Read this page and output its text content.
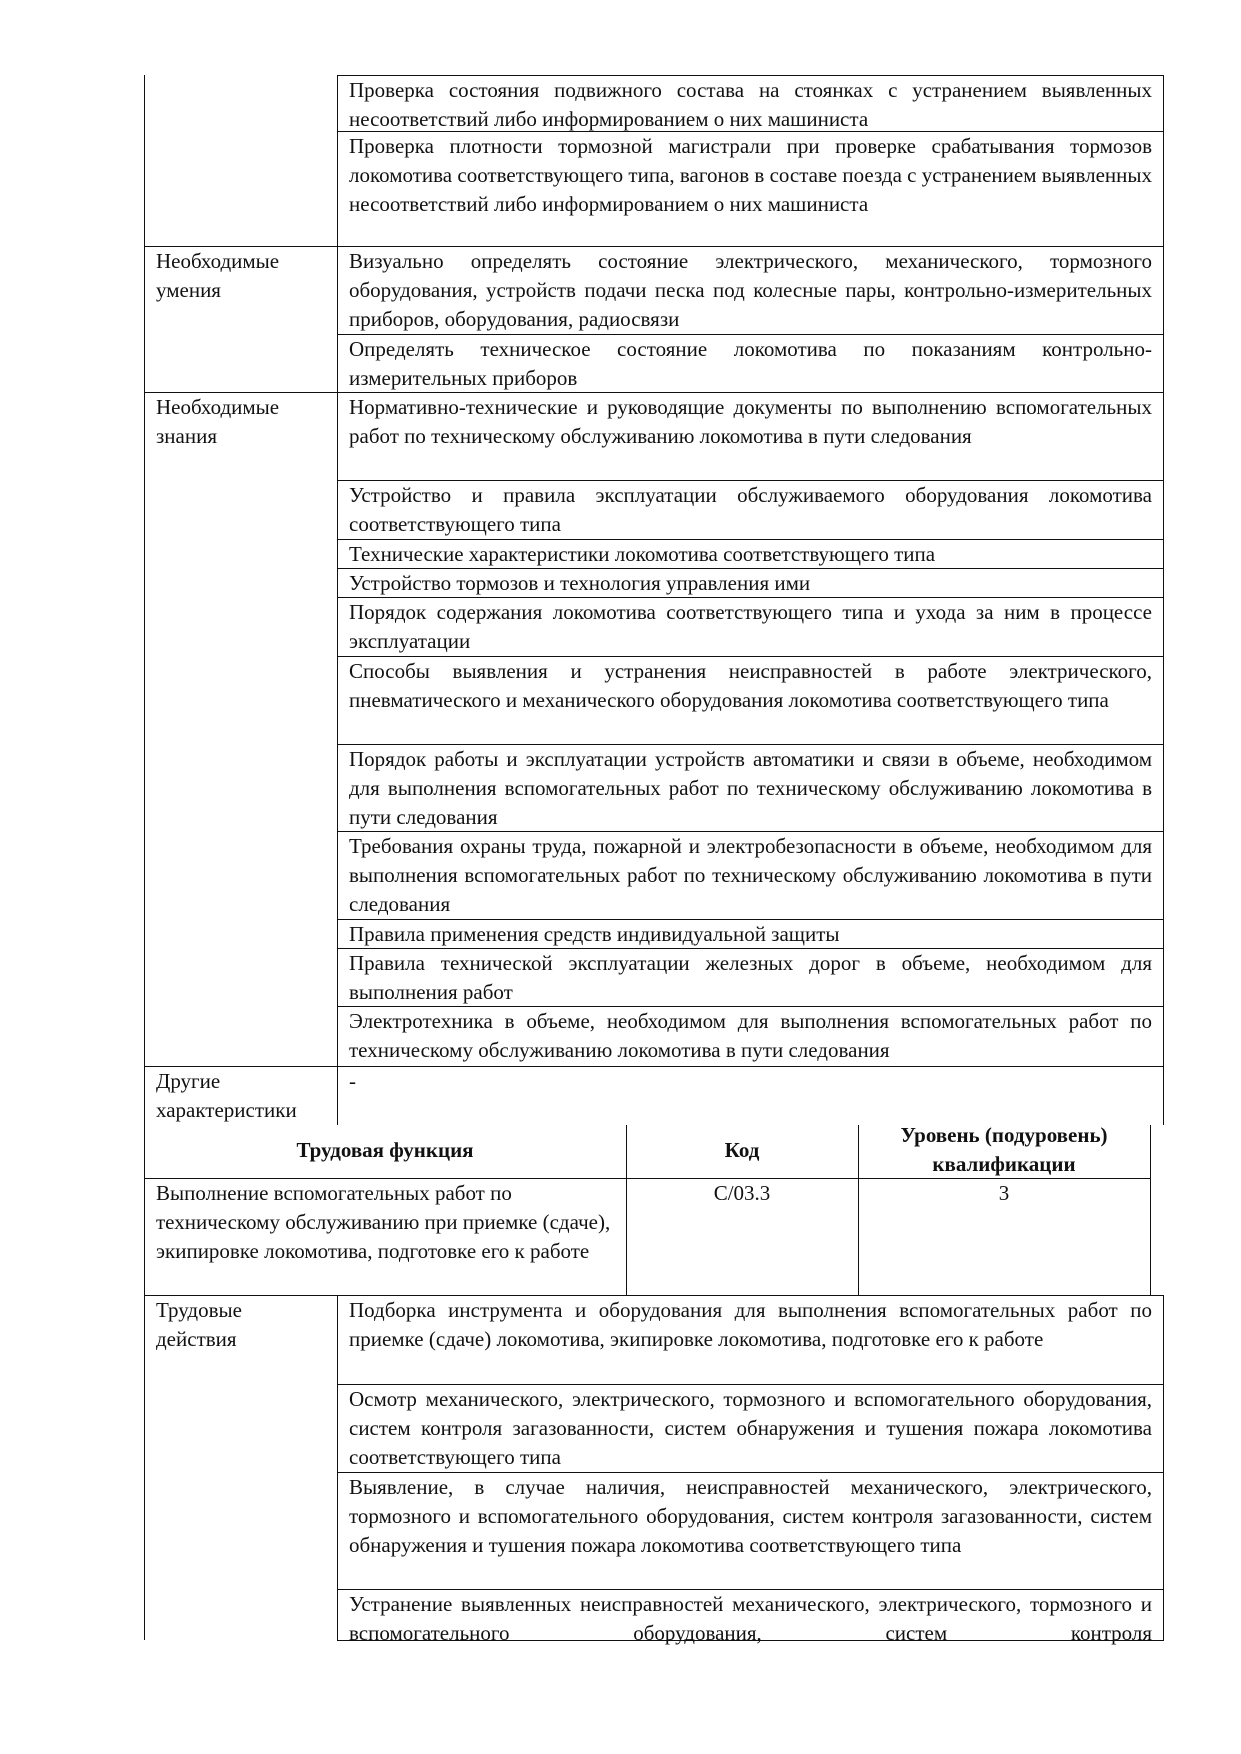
Проверка состояния подвижного состава на стоянках с устранением выявленных несоответствий либо информированием о них машиниста
Проверка плотности тормозной магистрали при проверке срабатывания тормозов локомотива соответствующего типа, вагонов в составе поезда с устранением выявленных несоответствий либо информированием о них машиниста
Необходимые умения
Визуально определять состояние электрического, механического, тормозного оборудования, устройств подачи песка под колесные пары, контрольно-измерительных приборов, оборудования, радиосвязи
Определять техническое состояние локомотива по показаниям контрольно-измерительных приборов
Необходимые знания
Нормативно-технические и руководящие документы по выполнению вспомогательных работ по техническому обслуживанию локомотива в пути следования
Устройство и правила эксплуатации обслуживаемого оборудования локомотива соответствующего типа
Технические характеристики локомотива соответствующего типа
Устройство тормозов и технология управления ими
Порядок содержания локомотива соответствующего типа и ухода за ним в процессе эксплуатации
Способы выявления и устранения неисправностей в работе электрического, пневматического и механического оборудования локомотива соответствующего типа
Порядок работы и эксплуатации устройств автоматики и связи в объеме, необходимом для выполнения вспомогательных работ по техническому обслуживанию локомотива в пути следования
Требования охраны труда, пожарной и электробезопасности в объеме, необходимом для выполнения вспомогательных работ по техническому обслуживанию локомотива в пути следования
Правила применения средств индивидуальной защиты
Правила технической эксплуатации железных дорог в объеме, необходимом для выполнения работ
Электротехника в объеме, необходимом для выполнения вспомогательных работ по техническому обслуживанию локомотива в пути следования
Другие характеристики
-
Трудовая функция	Код
Уровень (подуровень) квалификации
Выполнение вспомогательных работ по техническому обслуживанию при приемке (сдаче), экипировке локомотива, подготовке его к работе
С/03.3	3
Трудовые действия
Подборка инструмента и оборудования для выполнения вспомогательных работ по приемке (сдаче) локомотива, экипировке локомотива, подготовке его к работе
Осмотр механического, электрического, тормозного и вспомогательного оборудования, систем контроля загазованности, систем обнаружения и тушения пожара локомотива соответствующего типа
Выявление, в случае наличия, неисправностей механического, электрического, тормозного и вспомогательного оборудования, систем контроля загазованности, систем обнаружения и тушения пожара локомотива соответствующего типа
Устранение выявленных неисправностей механического, электрического, тормозного и вспомогательного оборудования, систем контроля
